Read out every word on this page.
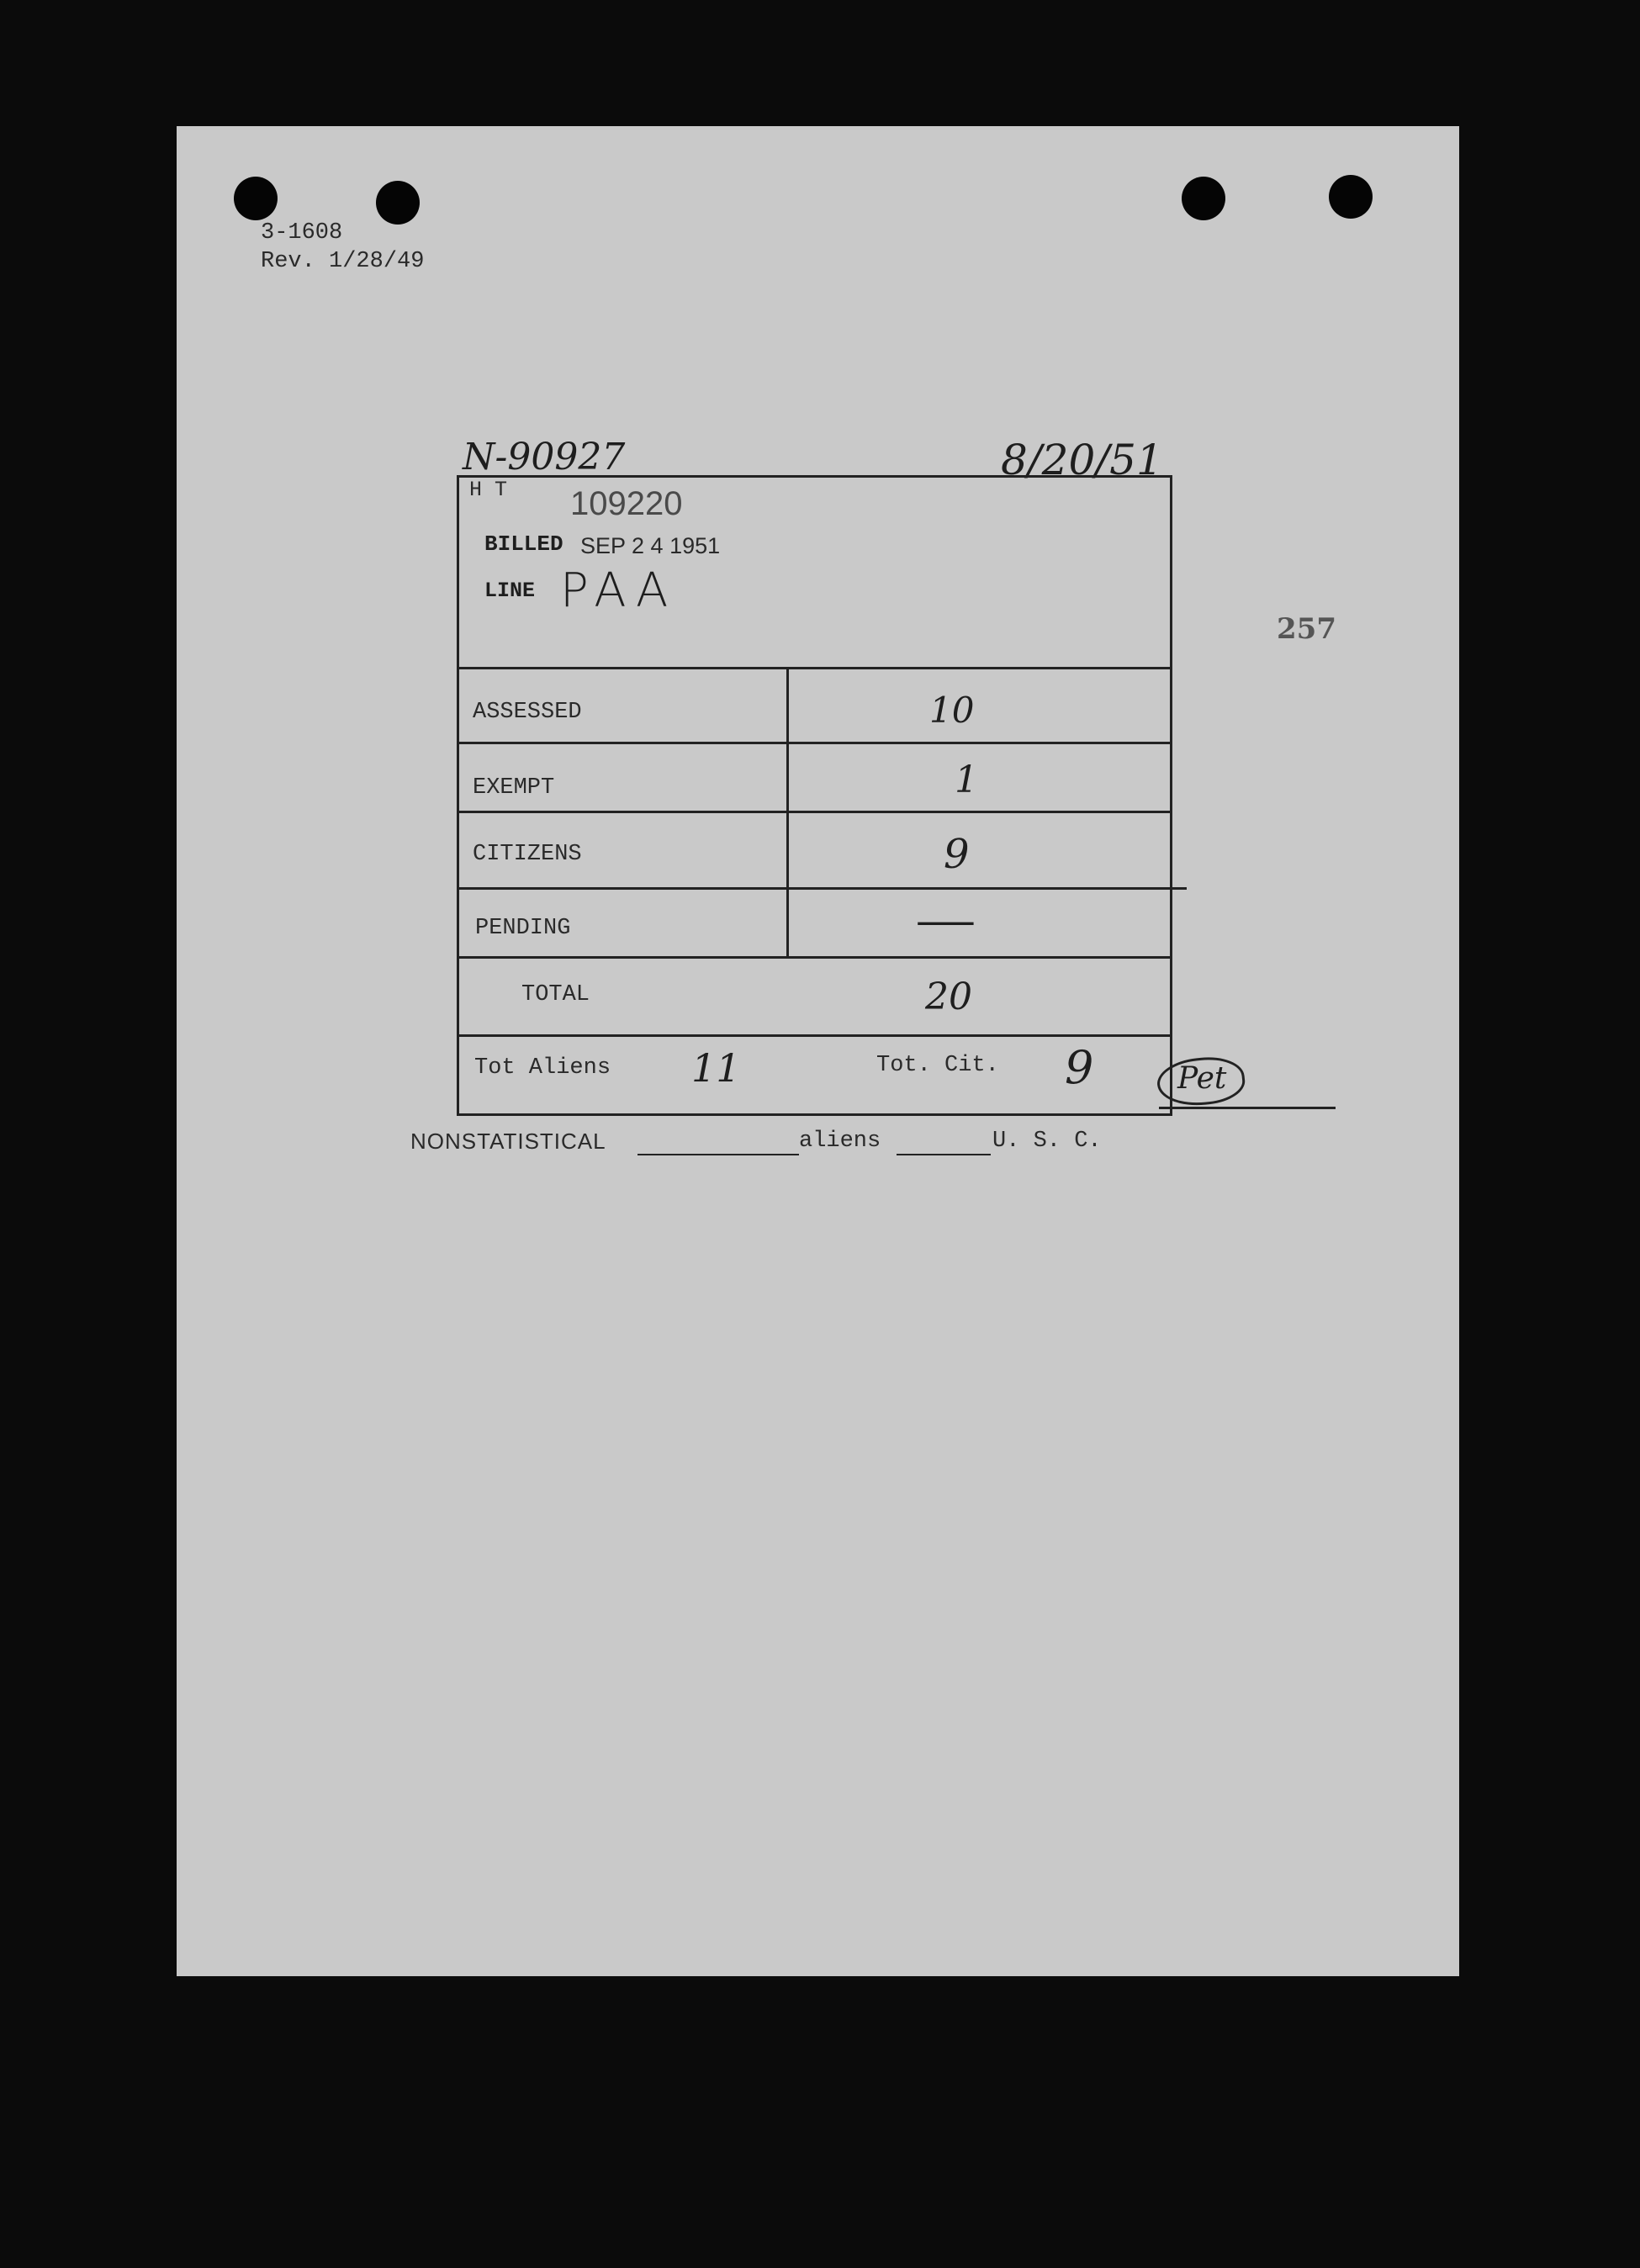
3-1608
Rev. 1/28/49
N-90927	8/20/51
257
H T 109220
BILLED SEP 2 4 1951
LINE PAA
ASSESSED	10
EXEMPT	1
CITIZENS	9
PENDING	—
TOTAL	20
Tot Aliens 11	Tot. Cit. 9	Pet
NONSTATISTICAL	aliens	U. S. C.
